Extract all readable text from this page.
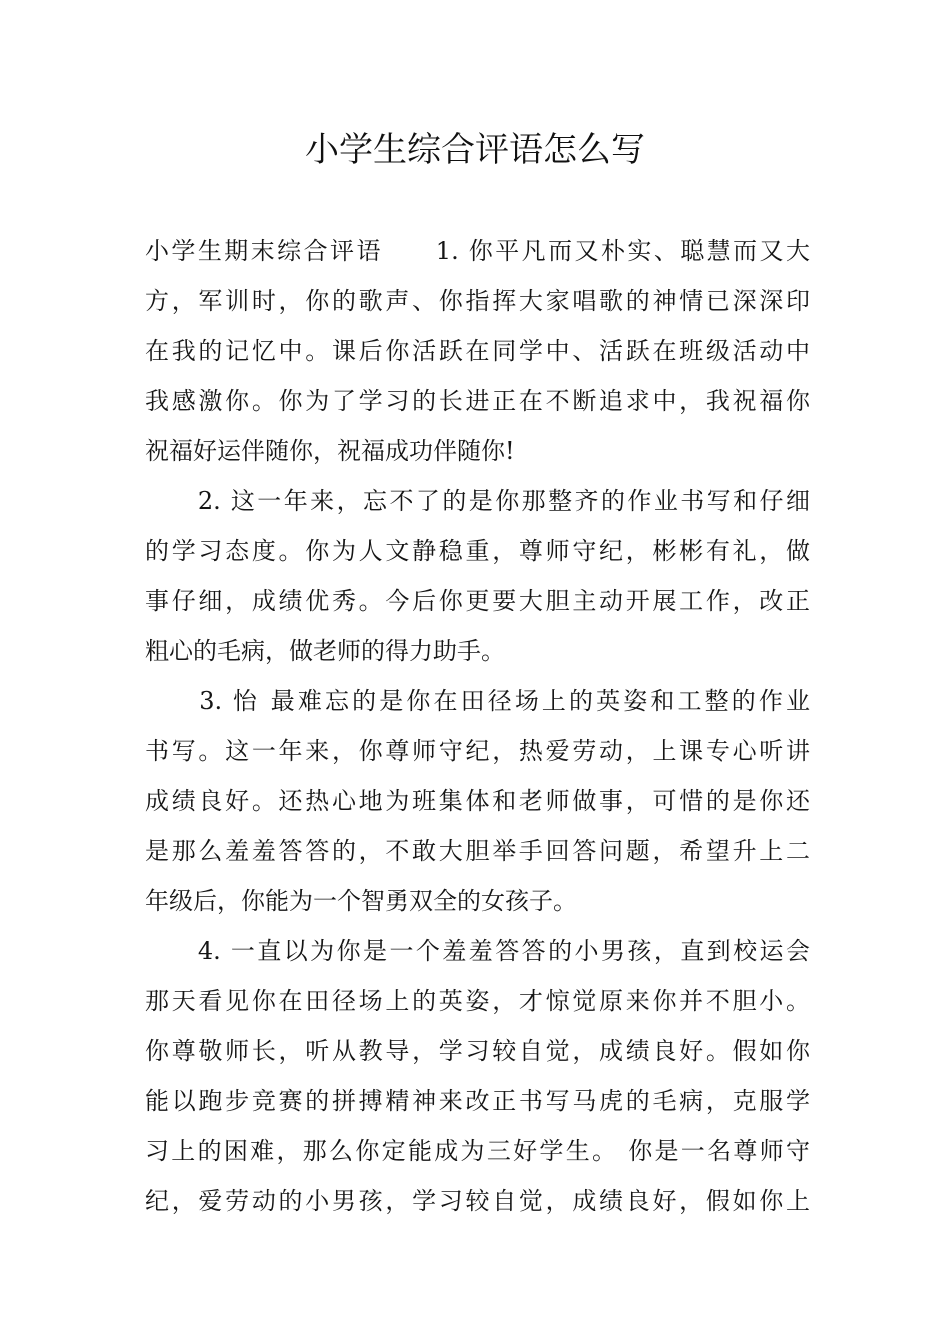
小学生综合评语怎么写
小学生期末综合评语　　1. 你平凡而又朴实、聪慧而又大
方，军训时，你的歌声、你指挥大家唱歌的神情已深深印
在我的记忆中。课后你活跃在同学中、活跃在班级活动中
我感激你。你为了学习的长进正在不断追求中，我祝福你
祝福好运伴随你，祝福成功伴随你!
　　2. 这一年来，忘不了的是你那整齐的作业书写和仔细
的学习态度。你为人文静稳重，尊师守纪，彬彬有礼，做
事仔细，成绩优秀。今后你更要大胆主动开展工作，改正
粗心的毛病，做老师的得力助手。
　　3. 怡 最难忘的是你在田径场上的英姿和工整的作业
书写。这一年来，你尊师守纪，热爱劳动，上课专心听讲
成绩良好。还热心地为班集体和老师做事，可惜的是你还
是那么羞羞答答的，不敢大胆举手回答问题，希望升上二
年级后，你能为一个智勇双全的女孩子。
　　4. 一直以为你是一个羞羞答答的小男孩，直到校运会
那天看见你在田径场上的英姿，才惊觉原来你并不胆小。
你尊敬师长，听从教导，学习较自觉，成绩良好。假如你
能以跑步竞赛的拼搏精神来改正书写马虎的毛病，克服学
习上的困难，那么你定能成为三好学生。 你是一名尊师守
纪，爱劳动的小男孩，学习较自觉，成绩良好，假如你上
